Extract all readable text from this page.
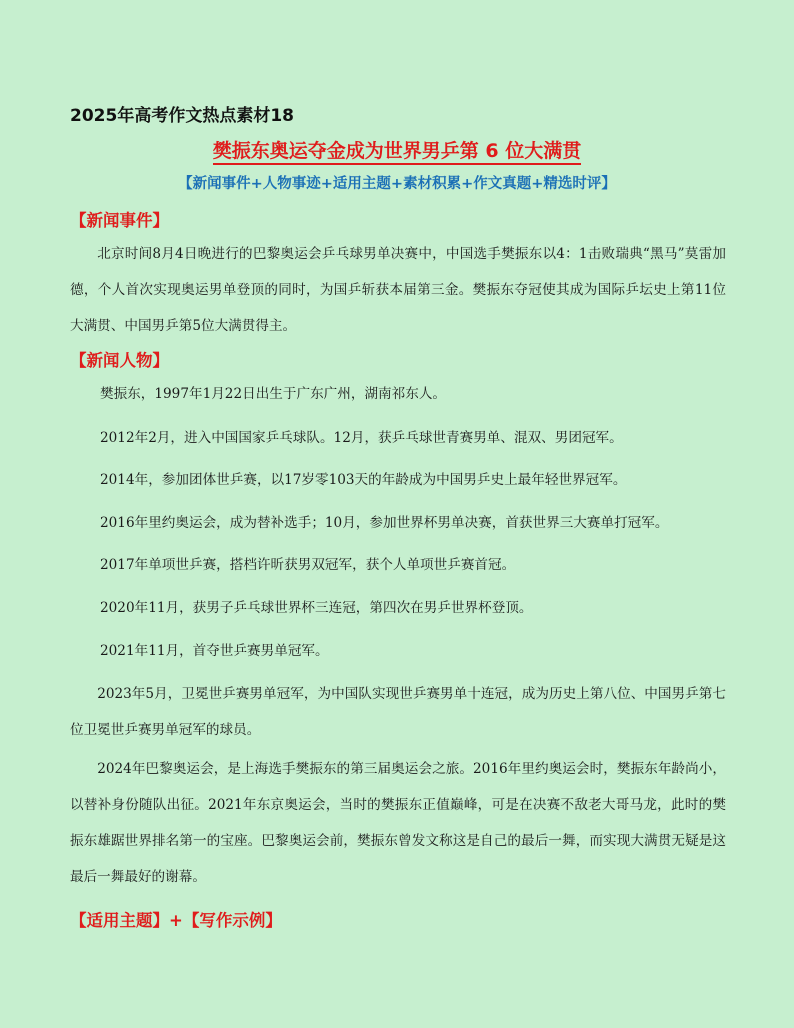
2025年高考作文热点素材18
樊振东奥运夺金成为世界男乒第 6 位大满贯
【新闻事件+人物事迹+适用主题+素材积累+作文真题+精选时评】
【新闻事件】
北京时间8月4日晚进行的巴黎奥运会乒乓球男单决赛中，中国选手樊振东以4：1击败瑞典“黑马”莫雷加德，个人首次实现奥运男单登顶的同时，为国乒斩获本届第三金。樊振东夺冠使其成为国际乒坛史上第11位大满贯、中国男乒第5位大满贯得主。
【新闻人物】
樊振东，1997年1月22日出生于广东广州，湖南祁东人。
2012年2月，进入中国国家乒乓球队。12月，获乒乓球世青赛男单、混双、男团冠军。
2014年，参加团体世乒赛，以17岁零103天的年龄成为中国男乒史上最年轻世界冠军。
2016年里约奥运会，成为替补选手；10月，参加世界杯男单决赛，首获世界三大赛单打冠军。
2017年单项世乒赛，搭档许昕获男双冠军，获个人单项世乒赛首冠。
2020年11月，获男子乒乓球世界杯三连冠，第四次在男乒世界杯登顶。
2021年11月，首夺世乒赛男单冠军。
2023年5月，卫冕世乒赛男单冠军，为中国队实现世乒赛男单十连冠，成为历史上第八位、中国男乒第七位卫冕世乒赛男单冠军的球员。
2024年巴黎奥运会，是上海选手樊振东的第三届奥运会之旅。2016年里约奥运会时，樊振东年龄尚小，以替补身份随队出征。2021年东京奥运会，当时的樊振东正值巅峰，可是在决赛不敌老大哥马龙，此时的樊振东雄踞世界排名第一的宝座。巴黎奥运会前，樊振东曾发文称这是自己的最后一舞，而实现大满贯无疑是这最后一舞最好的谢幕。
【适用主题】+【写作示例】
